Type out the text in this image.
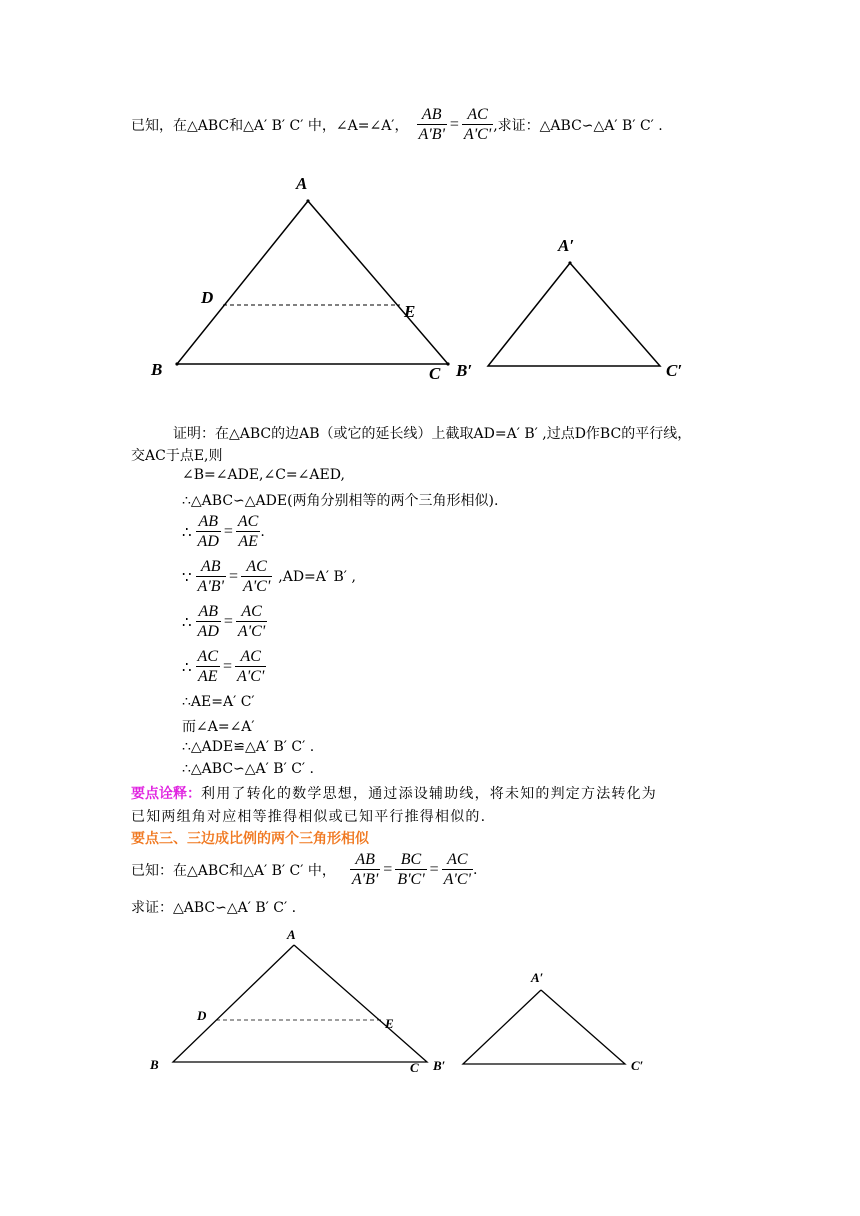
已知，在△ABC和△A′ B′ C′ 中，∠A=∠A′， $\frac{AB}{A'B'} = \frac{AC}{A'C'}$ ,求证：△ABC∽△A′ B′ C′ .
A
D
E
B	C
A′
B′	C′
证明：在△ABC的边AB（或它的延长线）上截取AD=A′ B′ ,过点D作BC的平行线，
交AC于点E,则
∠B=∠ADE,∠C=∠AED,
∴△ABC∽△ADE(两角分别相等的两个三角形相似).
∴ $\frac{AB}{AD} = \frac{AC}{AE}$ .
∵ $\frac{AB}{A'B'} = \frac{AC}{A'C'} ,AD=A'$ B′ ,
∴ $\frac{AB}{AD} = \frac{AC}{A'C'}$
∴ $\frac{AC}{AE} = \frac{AC}{A'C'}$
∴AE=A′ C′
而∠A=∠A′
∴△ADE≌△A′ B′ C′ .
∴△ABC∽△A′ B′ C′ .
要点诠释：利用了转化的数学思想，通过添设辅助线，将未知的判定方法转化为
已知两组角对应相等推得相似或已知平行推得相似的.
要点三、三边成比例的两个三角形相似
已知：在△ABC和△A′ B′ C′ 中， $\frac{AB}{A'B'} = \frac{BC}{B'C'} = \frac{AC}{A'C'}$ .
求证：△ABC∽△A′ B′ C′ .
A
D
E
B	C
A′
B′	C′
